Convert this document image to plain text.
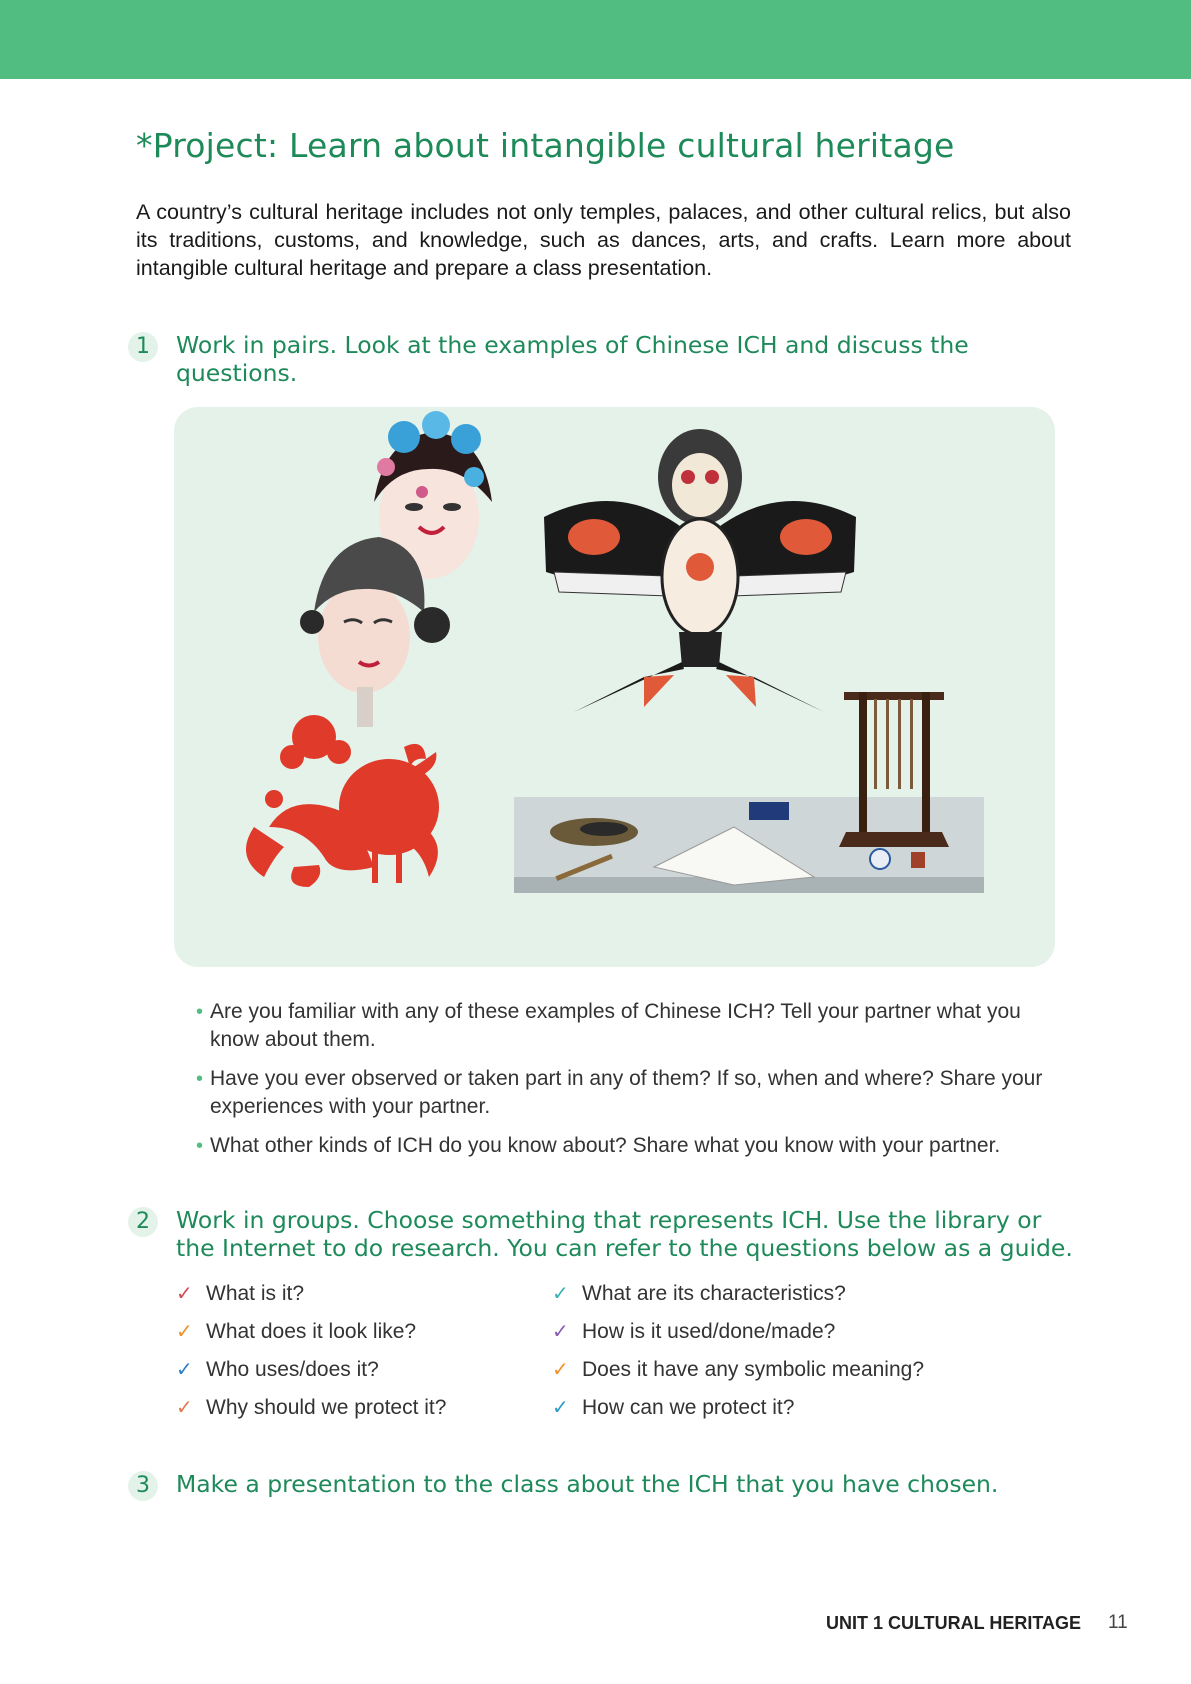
*Project: Learn about intangible cultural heritage

A country’s cultural heritage includes not only temples, palaces, and other cultural relics, but also its traditions, customs, and knowledge, such as dances, arts, and crafts. Learn more about intangible cultural heritage and prepare a class presentation.

1	Work in pairs. Look at the examples of Chinese ICH and discuss the questions.

• Are you familiar with any of these examples of Chinese ICH? Tell your partner what you know about them.
• Have you ever observed or taken part in any of them? If so, when and where? Share your experiences with your partner.
• What other kinds of ICH do you know about? Share what you know with your partner.
2	Work in groups. Choose something that represents ICH. Use the library or the Internet to do research. You can refer to the questions below as a guide.

✓ What is it?
✓ What does it look like?
✓ Who uses/does it?
✓ Why should we protect it?
✓ What are its characteristics?
✓ How is it used/done/made?
✓ Does it have any symbolic meaning?
✓ How can we protect it?
3	Make a presentation to the class about the ICH that you have chosen.

UNIT 1 CULTURAL HERITAGE 11
